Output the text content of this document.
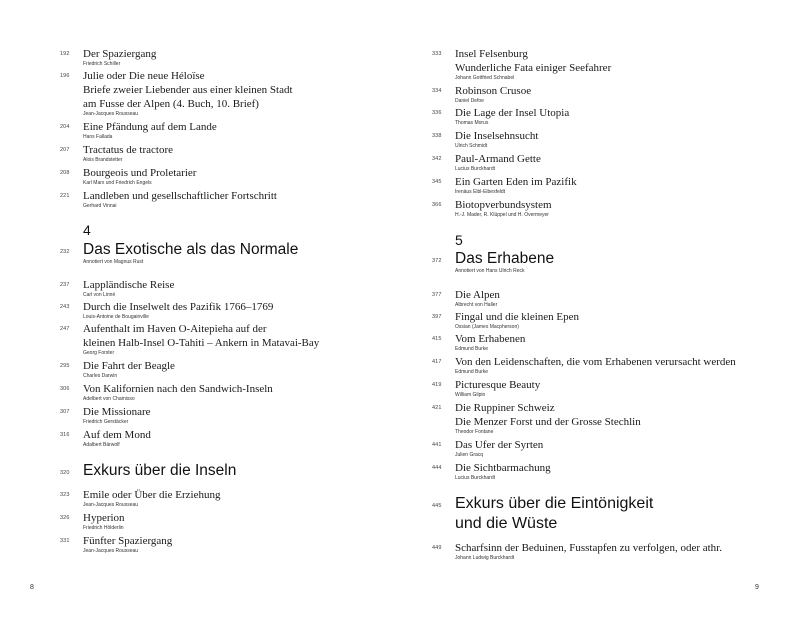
192	Der Spaziergang
Friedrich Schiller
196	Julie oder Die neue Héloïse
Briefe zweier Liebender aus einer kleinen Stadt
am Fusse der Alpen (4. Buch, 10. Brief)
Jean-Jacques Rousseau
204	Eine Pfändung auf dem Lande
Hans Fallada
207	Tractatus de tractore
Alois Brandstetter
208	Bourgeois und Proletarier
Karl Marx und Friedrich Engels
221	Landleben und gesellschaftlicher Fortschritt
Gerhard Vinnai
4
232 Das Exotische als das Normale
Annotiert von Magnus Rust
237	Lappländische Reise
Carl von Linné
243	Durch die Inselwelt des Pazifik 1766–1769
Louis-Antoine de Bougainville
247	Aufenthalt im Haven O-Aitepieha auf der
kleinen Halb-Insel O-Tahiti – Ankern in Matavai-Bay
Georg Forster
295	Die Fahrt der Beagle
Charles Darwin
306	Von Kalifornien nach den Sandwich-Inseln
Adelbert von Chamisso
307	Die Missionare
Friedrich Gerstäcker
316	Auf dem Mond
Adalbert Bärwolf
320 Exkurs über die Inseln
323	Emile oder Über die Erziehung
Jean-Jacques Rousseau
326	Hyperion
Friedrich Hölderlin
331	Fünfter Spaziergang
Jean-Jacques Rousseau
333	Insel Felsenburg
Wunderliche Fata einiger Seefahrer
Johann Gottfried Schnabel
334	Robinson Crusoe
Daniel Defoe
336	Die Lage der Insel Utopia
Thomas Morus
338	Die Inselsehnsucht
Ulrich Schmidt
342	Paul-Armand Gette
Lucius Burckhardt
345	Ein Garten Eden im Pazifik
Irenäus Eibl-Eibesfeldt
366	Biotopverbundsystem
H.-J. Mader, R. Klüppel und H. Overmeyer
5
372 Das Erhabene
Annotiert von Hans Ulrich Reck
377	Die Alpen
Albrecht von Haller
397	Fingal und die kleinen Epen
Ossian (James Macpherson)
415	Vom Erhabenen
Edmund Burke
417	Von den Leidenschaften, die vom Erhabenen verursacht werden
Edmund Burke
419	Picturesque Beauty
William Gilpin
421	Die Ruppiner Schweiz
Die Menzer Forst und der Grosse Stechlin
Theodor Fontane
441	Das Ufer der Syrten
Julien Gracq
444	Die Sichtbarmachung
Lucius Burckhardt
445 Exkurs über die Eintönigkeit
und die Wüste
449	Scharfsinn der Beduinen, Fusstapfen zu verfolgen, oder athr.
Johann Ludwig Burckhardt
8	9
